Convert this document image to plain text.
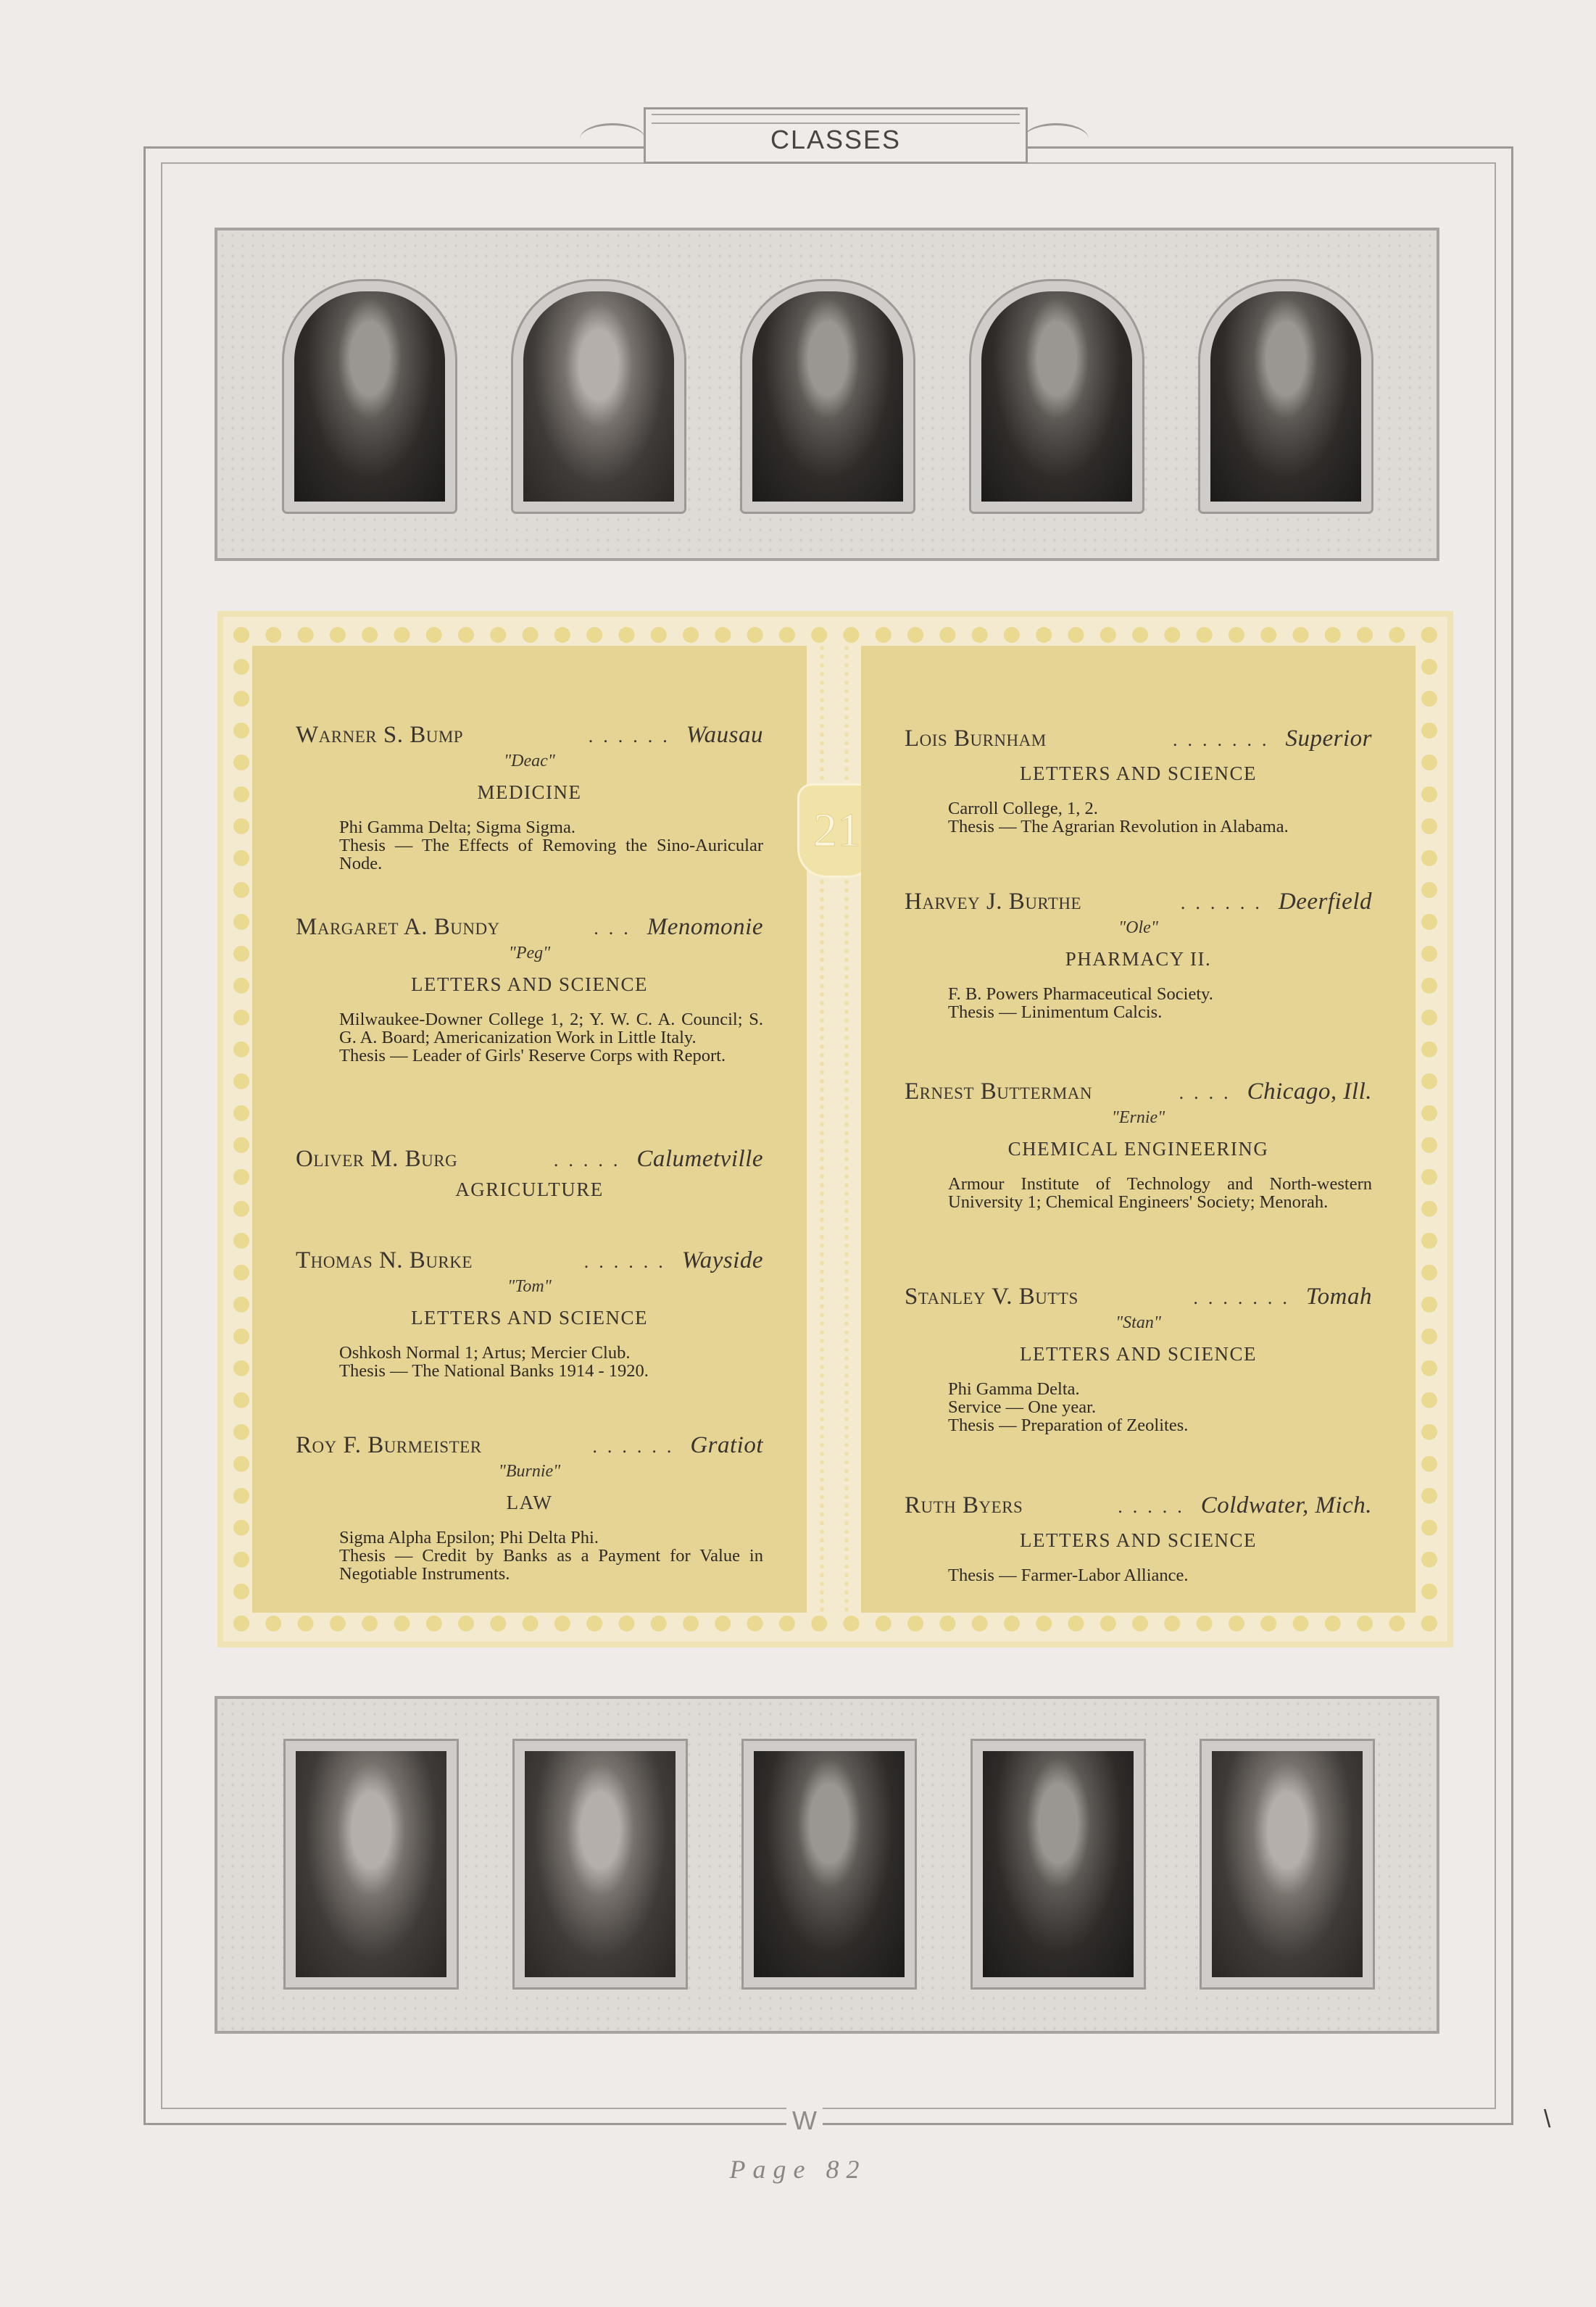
CLASSES
Warner S. Bump	...... Wausau
"Deac"
MEDICINE
Phi Gamma Delta; Sigma Sigma.
Thesis — The Effects of Removing the Sino-Auricular Node.
Margaret A. Bundy	... Menomonie
"Peg"
LETTERS AND SCIENCE
Milwaukee-Downer College 1, 2; Y. W. C. A. Council; S. G. A. Board; Americanization Work in Little Italy.
Thesis — Leader of Girls' Reserve Corps with Report.
Oliver M. Burg	..... Calumetville
AGRICULTURE
Thomas N. Burke	...... Wayside
"Tom"
LETTERS AND SCIENCE
Oshkosh Normal 1; Artus; Mercier Club.
Thesis — The National Banks 1914 - 1920.
Roy F. Burmeister	...... Gratiot
"Burnie"
LAW
Sigma Alpha Epsilon; Phi Delta Phi.
Thesis — Credit by Banks as a Payment for Value in Negotiable Instruments.
21
Lois Burnham	....... Superior
LETTERS AND SCIENCE
Carroll College, 1, 2.
Thesis — The Agrarian Revolution in Alabama.
Harvey J. Burthe	...... Deerfield
"Ole"
PHARMACY II.
F. B. Powers Pharmaceutical Society.
Thesis — Linimentum Calcis.
Ernest Butterman	.... Chicago, Ill.
"Ernie"
CHEMICAL ENGINEERING
Armour Institute of Technology and North-western University 1; Chemical Engineers' Society; Menorah.
Stanley V. Butts	....... Tomah
"Stan"
LETTERS AND SCIENCE
Phi Gamma Delta.
Service — One year.
Thesis — Preparation of Zeolites.
Ruth Byers	..... Coldwater, Mich.
LETTERS AND SCIENCE
Thesis — Farmer-Labor Alliance.
W
Page 82
\
